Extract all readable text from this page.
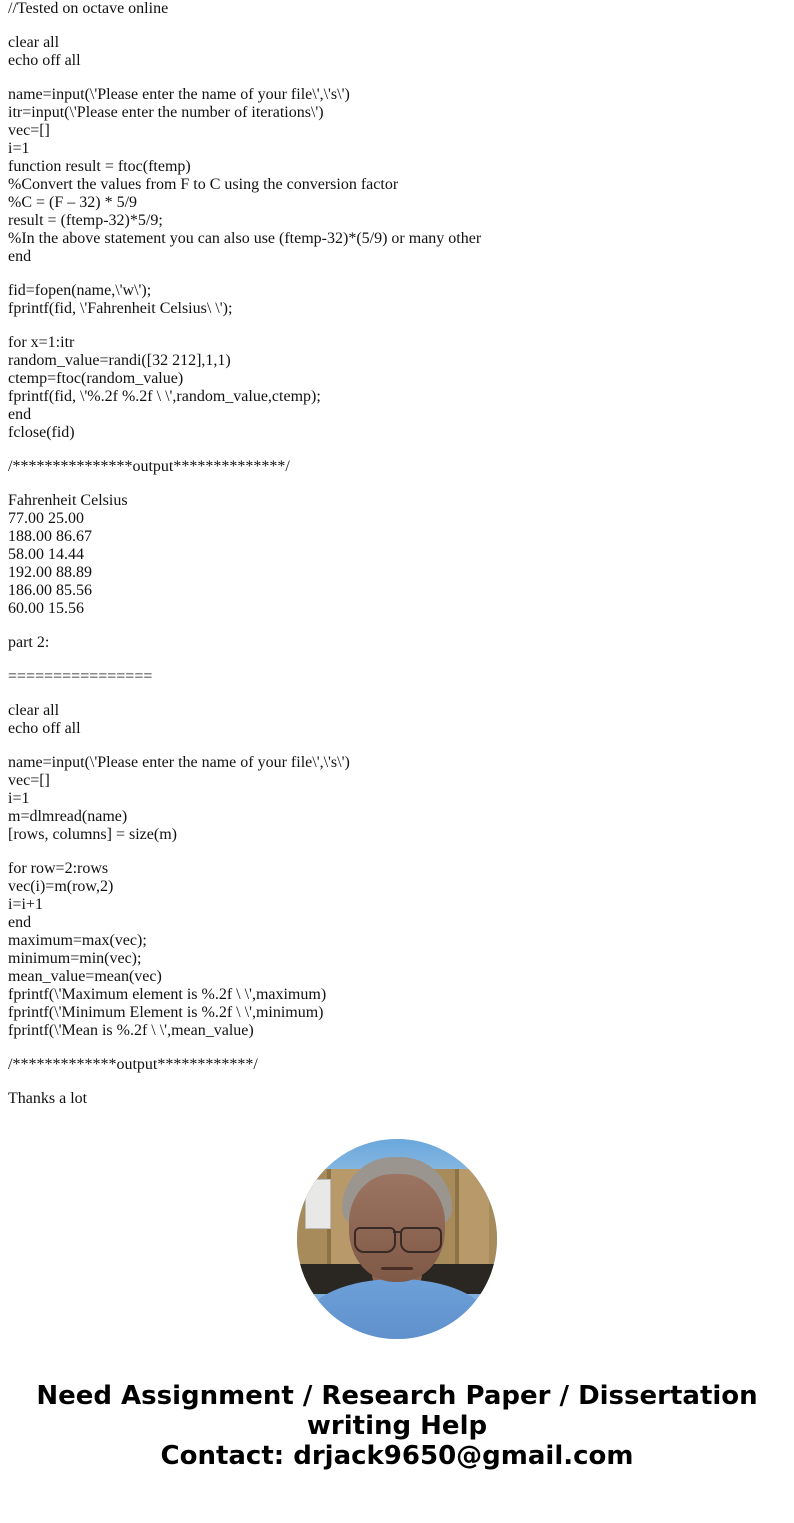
//Tested on octave online

clear all
echo off all

name=input(\'Please enter the name of your file\',\'s\')
itr=input(\'Please enter the number of iterations\')
vec=[]
i=1
function result = ftoc(ftemp)
%Convert the values from F to C using the conversion factor
%C = (F – 32) * 5/9
result = (ftemp-32)*5/9;
%In the above statement you can also use (ftemp-32)*(5/9) or many other
end

fid=fopen(name,\'w\');
fprintf(fid, \'Fahrenheit Celsius\ \');

for x=1:itr
random_value=randi([32 212],1,1)
ctemp=ftoc(random_value)
fprintf(fid, \'%.2f %.2f \ \',random_value,ctemp);
end
fclose(fid)

/***************output**************/

Fahrenheit Celsius
77.00 25.00
188.00 86.67
58.00 14.44
192.00 88.89
186.00 85.56
60.00 15.56

part 2:

================

clear all
echo off all

name=input(\'Please enter the name of your file\',\'s\')
vec=[]
i=1
m=dlmread(name)
[rows, columns] = size(m)

for row=2:rows
vec(i)=m(row,2)
i=i+1
end
maximum=max(vec);
minimum=min(vec);
mean_value=mean(vec)
fprintf(\'Maximum element is %.2f \ \',maximum)
fprintf(\'Minimum Element is %.2f \ \',minimum)
fprintf(\'Mean is %.2f \ \',mean_value)

/*************output************/

Thanks a lot

Need Assignment / Research Paper / Dissertation
writing Help
Contact: drjack9650@gmail.com
